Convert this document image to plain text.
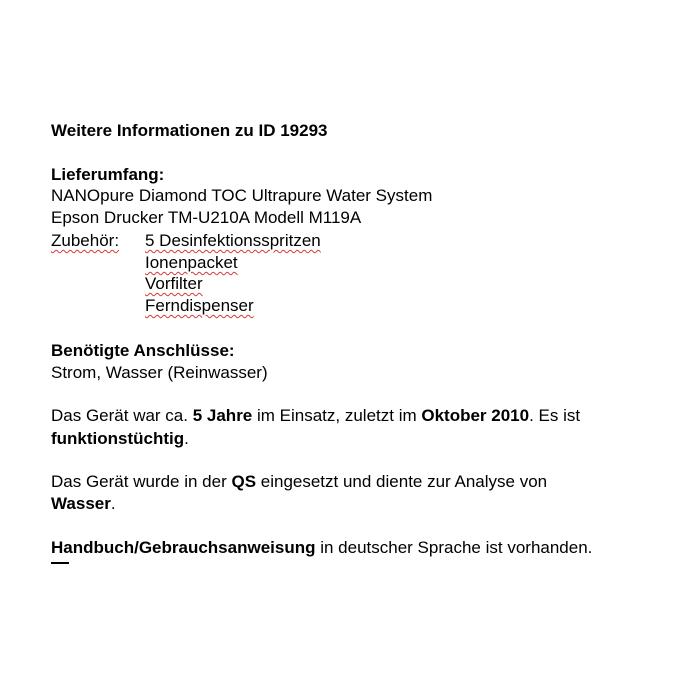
Weitere Informationen zu ID 19293
Lieferumfang:
NANOpure Diamond TOC Ultrapure Water System
Epson Drucker TM-U210A Modell M119A
Zubehör: 5 Desinfektionsspritzen
Ionenpacket
Vorfilter
Ferndispenser
Benötigte Anschlüsse:
Strom, Wasser (Reinwasser)
Das Gerät war ca. 5 Jahre im Einsatz, zuletzt im Oktober 2010. Es ist
funktionstüchtig.
Das Gerät wurde in der QS eingesetzt und diente zur Analyse von
Wasser.
Handbuch/Gebrauchsanweisung in deutscher Sprache ist vorhanden.
